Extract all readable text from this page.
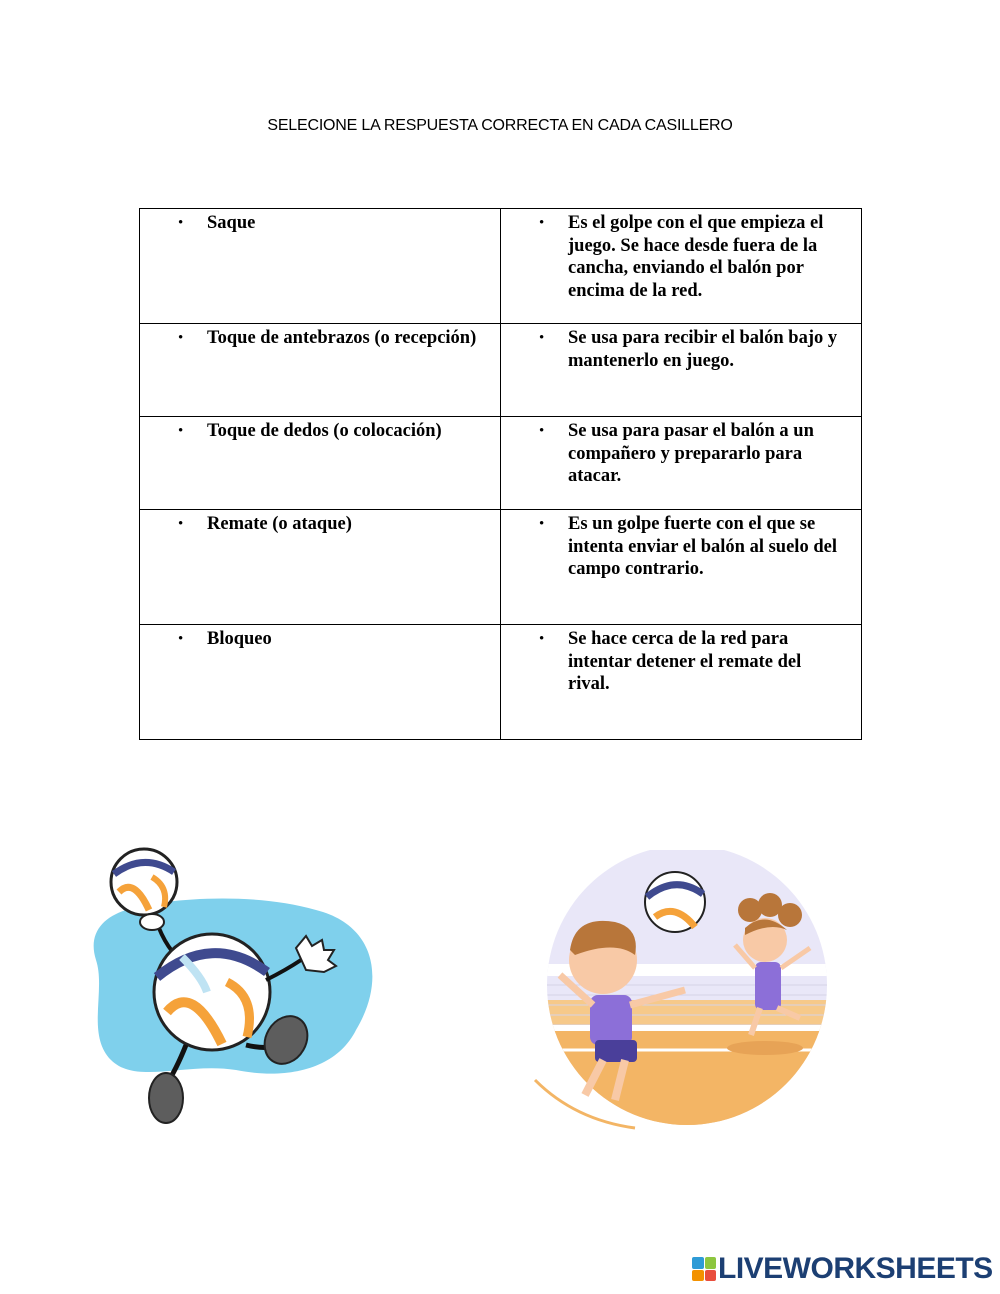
SELECIONE LA RESPUESTA CORRECTA EN CADA CASILLERO
• Saque	• Es el golpe con el que empieza el juego. Se hace desde fuera de la cancha, enviando el balón por encima de la red.

• Toque de antebrazos (o recepción)	• Se usa para recibir el balón bajo y mantenerlo en juego.

• Toque de dedos (o colocación)	• Se usa para pasar el balón a un compañero y prepararlo para atacar.

• Remate (o ataque)	• Es un golpe fuerte con el que se intenta enviar el balón al suelo del campo contrario.

• Bloqueo	• Se hace cerca de la red para intentar detener el remate del rival.
LIVEWORKSHEETS
